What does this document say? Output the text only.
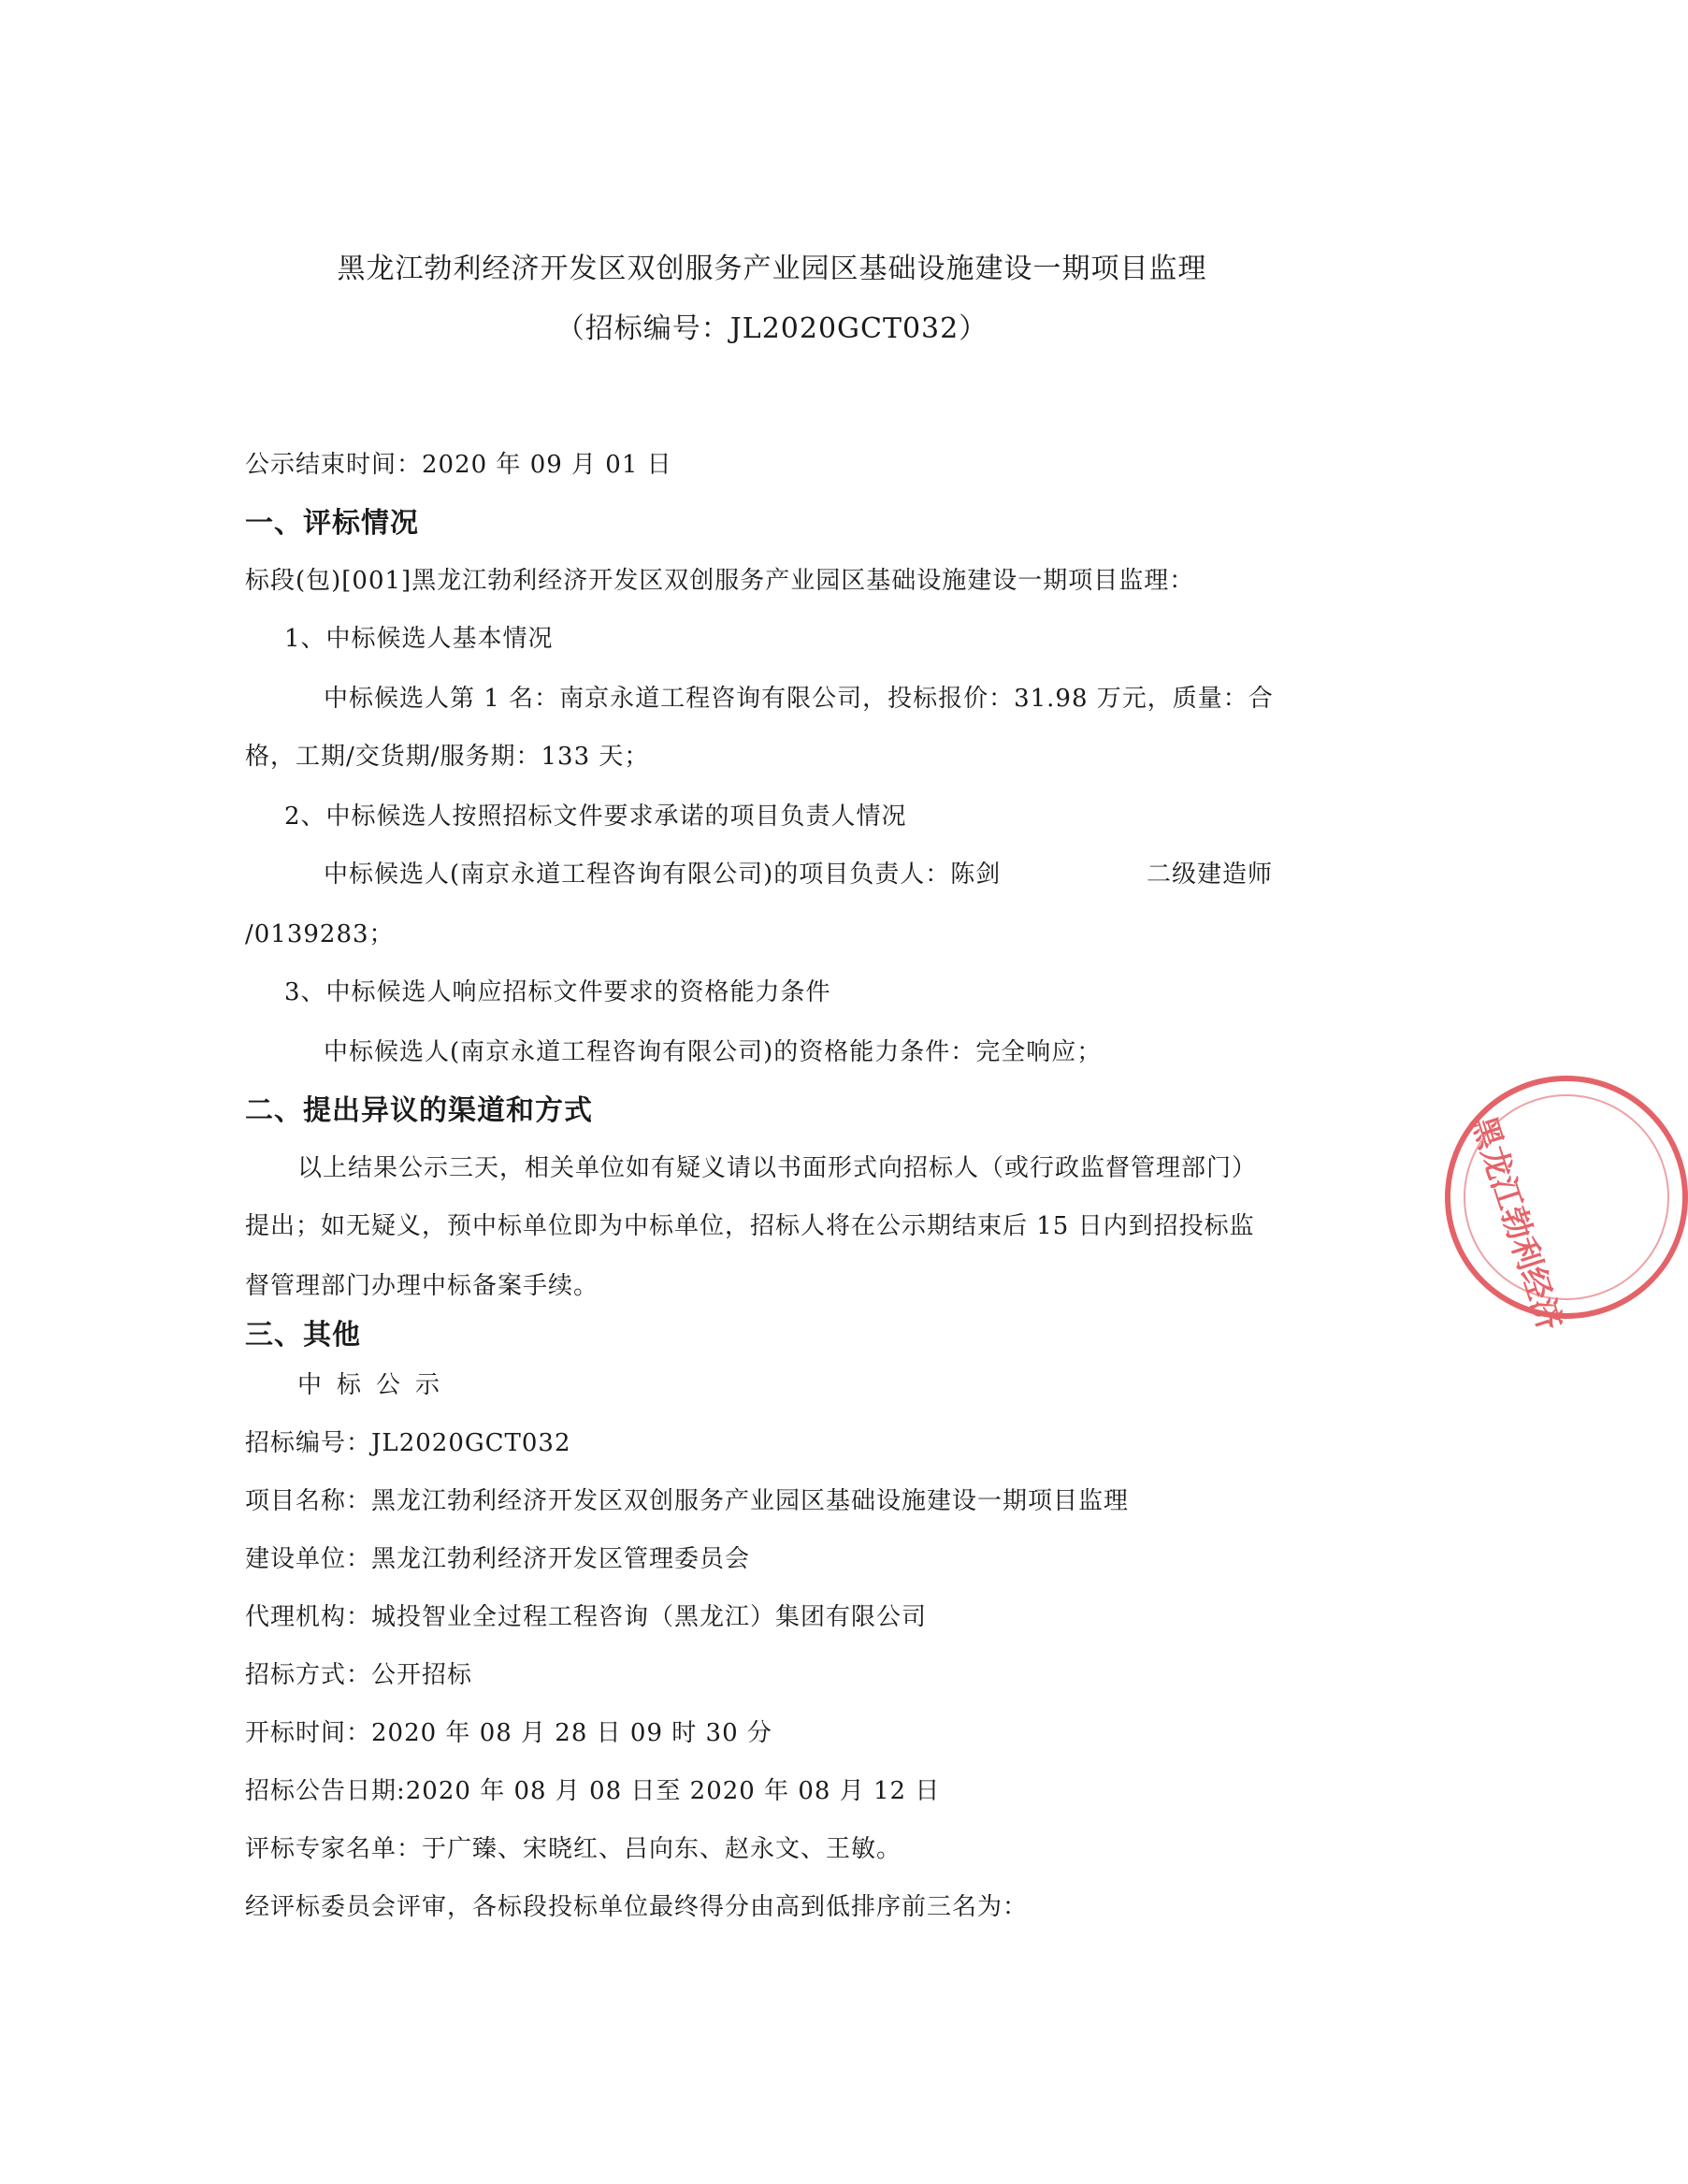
黑龙江勃利经济开发区双创服务产业园区基础设施建设一期项目监理
（招标编号：JL2020GCT032）
公示结束时间：2020 年 09 月 01 日
一、评标情况
标段(包)[001]黑龙江勃利经济开发区双创服务产业园区基础设施建设一期项目监理：
1、中标候选人基本情况
中标候选人第 1 名：南京永道工程咨询有限公司，投标报价：31.98 万元，质量：合
格，工期/交货期/服务期：133 天；
2、中标候选人按照招标文件要求承诺的项目负责人情况
中标候选人(南京永道工程咨询有限公司)的项目负责人：陈剑	二级建造师
/0139283；
3、中标候选人响应招标文件要求的资格能力条件
中标候选人(南京永道工程咨询有限公司)的资格能力条件：完全响应；
二、提出异议的渠道和方式
以上结果公示三天，相关单位如有疑义请以书面形式向招标人（或行政监督管理部门）
提出；如无疑义，预中标单位即为中标单位，招标人将在公示期结束后 15 日内到招投标监
督管理部门办理中标备案手续。
三、其他
中标公示
招标编号：JL2020GCT032
项目名称：黑龙江勃利经济开发区双创服务产业园区基础设施建设一期项目监理
建设单位：黑龙江勃利经济开发区管理委员会
代理机构：城投智业全过程工程咨询（黑龙江）集团有限公司
招标方式：公开招标
开标时间：2020 年 08 月 28 日 09 时 30 分
招标公告日期:2020 年 08 月 08 日至 2020 年 08 月 12 日
评标专家名单：于广臻、宋晓红、吕向东、赵永文、王敏。
经评标委员会评审，各标段投标单位最终得分由高到低排序前三名为：
黑龙江勃利经济
